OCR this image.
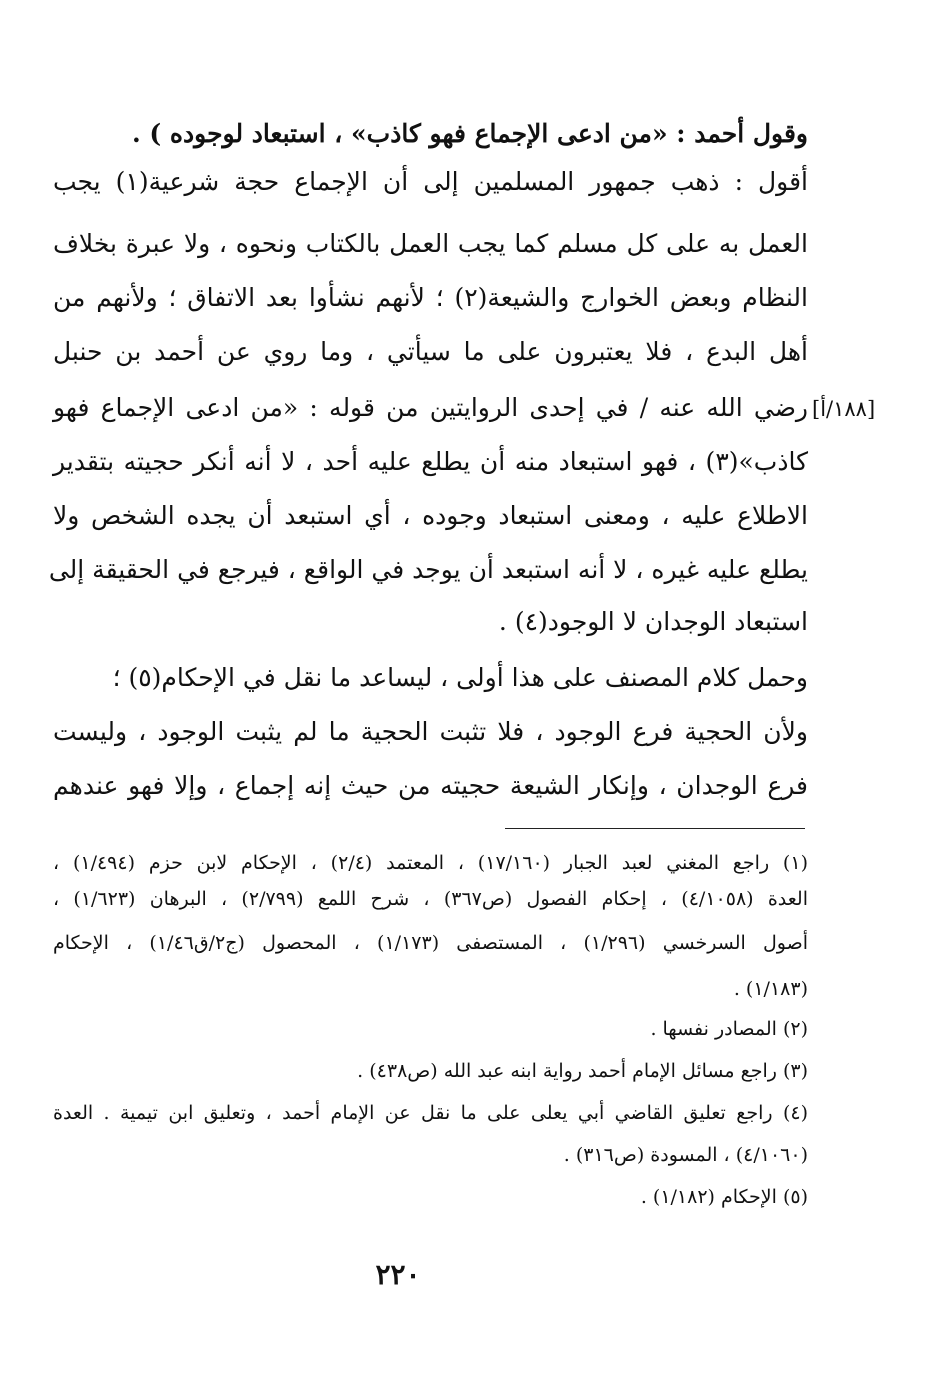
وقول أحمد : «من ادعى الإجماع فهو كاذب» ، استبعاد لوجوده ) .
أقول : ذهب جمهور المسلمين إلى أن الإجماع حجة شرعية(١) يجب
العمل به على كل مسلم كما يجب العمل بالكتاب ونحوه ، ولا عبرة بخلاف
النظام وبعض الخوارج والشيعة(٢) ؛ لأنهم نشأوا بعد الاتفاق ؛ ولأنهم من
أهل البدع ، فلا يعتبرون على ما سيأتي ، وما روي عن أحمد بن حنبل
[١٨٨/أ]
رضي الله عنه / في إحدى الروايتين من قوله : «من ادعى الإجماع فهو
كاذب»(٣) ، فهو استبعاد منه أن يطلع عليه أحد ، لا أنه أنكر حجيته بتقدير
الاطلاع عليه ، ومعنى استبعاد وجوده ، أي استبعد أن يجده الشخص ولا
يطلع عليه غيره ، لا أنه استبعد أن يوجد في الواقع ، فيرجع في الحقيقة إلى
استبعاد الوجدان لا الوجود(٤) .
وحمل كلام المصنف على هذا أولى ، ليساعد ما نقل في الإحكام(٥) ؛
ولأن الحجية فرع الوجود ، فلا تثبت الحجية ما لم يثبت الوجود ، وليست
فرع الوجدان ، وإنكار الشيعة حجيته من حيث إنه إجماع ، وإلا فهو عندهم
(١) راجع المغني لعبد الجبار (١٧/١٦٠) ، المعتمد (٢/٤) ، الإحكام لابن حزم (١/٤٩٤) ،
العدة (٤/١٠٥٨) ، إحكام الفصول (ص٣٦٧) ، شرح اللمع (٢/٧٩٩) ، البرهان (١/٦٢٣) ،
أصول السرخسي (١/٢٩٦) ، المستصفى (١/١٧٣) ، المحصول (ج٢/ق١/٤٦) ، الإحكام
(١/١٨٣) .
(٢) المصادر نفسها .
(٣) راجع مسائل الإمام أحمد رواية ابنه عبد الله (ص٤٣٨) .
(٤) راجع تعليق القاضي أبي يعلى على ما نقل عن الإمام أحمد ، وتعليق ابن تيمية . العدة
(٤/١٠٦٠) ، المسودة (ص٣١٦) .
(٥) الإحكام (١/١٨٢) .
٢٢٠
